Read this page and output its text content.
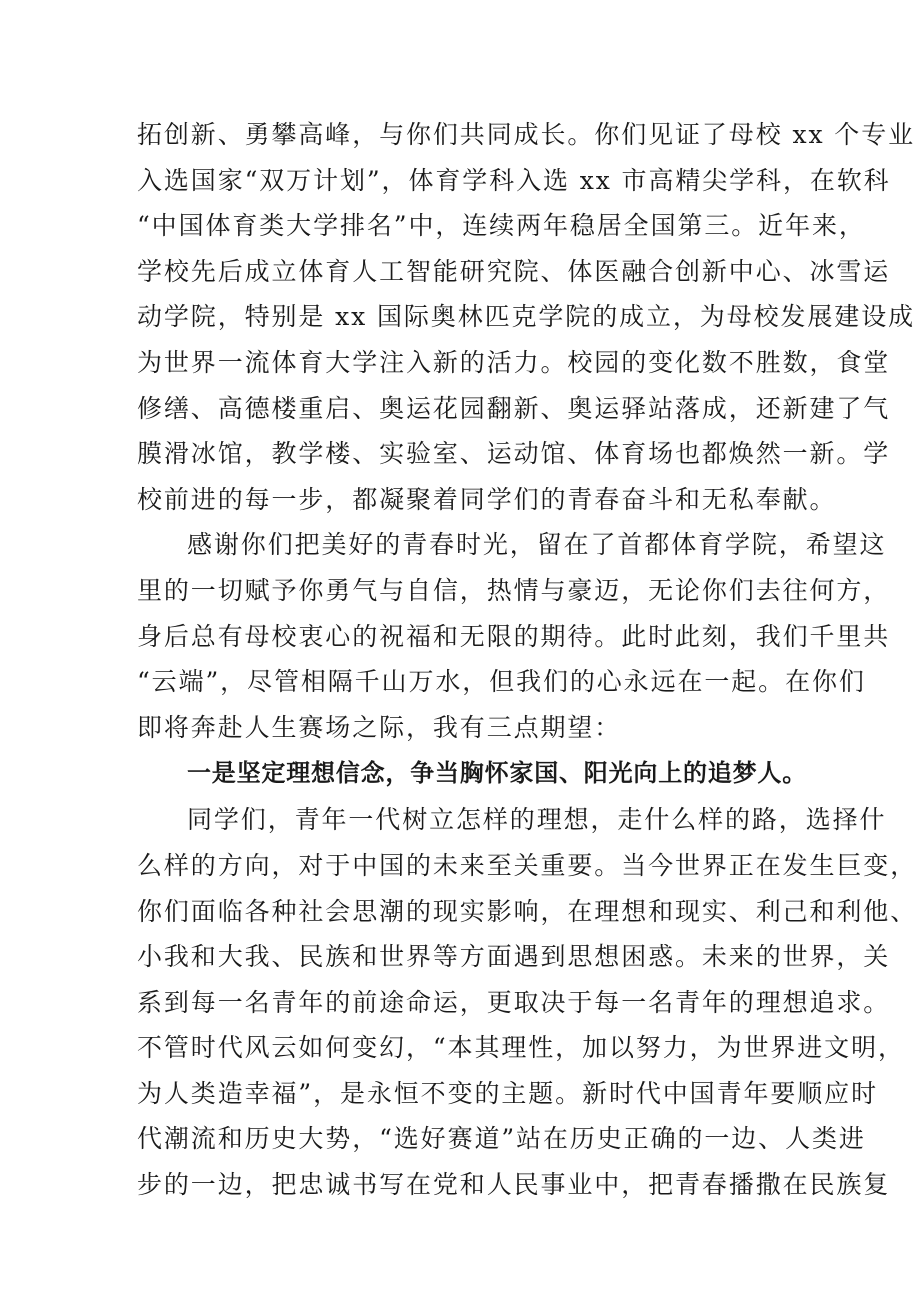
拓创新、勇攀高峰，与你们共同成长。你们见证了母校 xx 个专业
入选国家“双万计划”，体育学科入选 xx 市高精尖学科，在软科
“中国体育类大学排名”中，连续两年稳居全国第三。近年来，
学校先后成立体育人工智能研究院、体医融合创新中心、冰雪运
动学院，特别是 xx 国际奥林匹克学院的成立，为母校发展建设成
为世界一流体育大学注入新的活力。校园的变化数不胜数，食堂
修缮、高德楼重启、奥运花园翻新、奥运驿站落成，还新建了气
膜滑冰馆，教学楼、实验室、运动馆、体育场也都焕然一新。学
校前进的每一步，都凝聚着同学们的青春奋斗和无私奉献。
感谢你们把美好的青春时光，留在了首都体育学院，希望这
里的一切赋予你勇气与自信，热情与豪迈，无论你们去往何方，
身后总有母校衷心的祝福和无限的期待。此时此刻，我们千里共
“云端”，尽管相隔千山万水，但我们的心永远在一起。在你们
即将奔赴人生赛场之际，我有三点期望：
一是坚定理想信念，争当胸怀家国、阳光向上的追梦人。
同学们，青年一代树立怎样的理想，走什么样的路，选择什
么样的方向，对于中国的未来至关重要。当今世界正在发生巨变，
你们面临各种社会思潮的现实影响，在理想和现实、利己和利他、
小我和大我、民族和世界等方面遇到思想困惑。未来的世界，关
系到每一名青年的前途命运，更取决于每一名青年的理想追求。
不管时代风云如何变幻，“本其理性，加以努力，为世界进文明，
为人类造幸福”，是永恒不变的主题。新时代中国青年要顺应时
代潮流和历史大势，“选好赛道”站在历史正确的一边、人类进
步的一边，把忠诚书写在党和人民事业中，把青春播撒在民族复
